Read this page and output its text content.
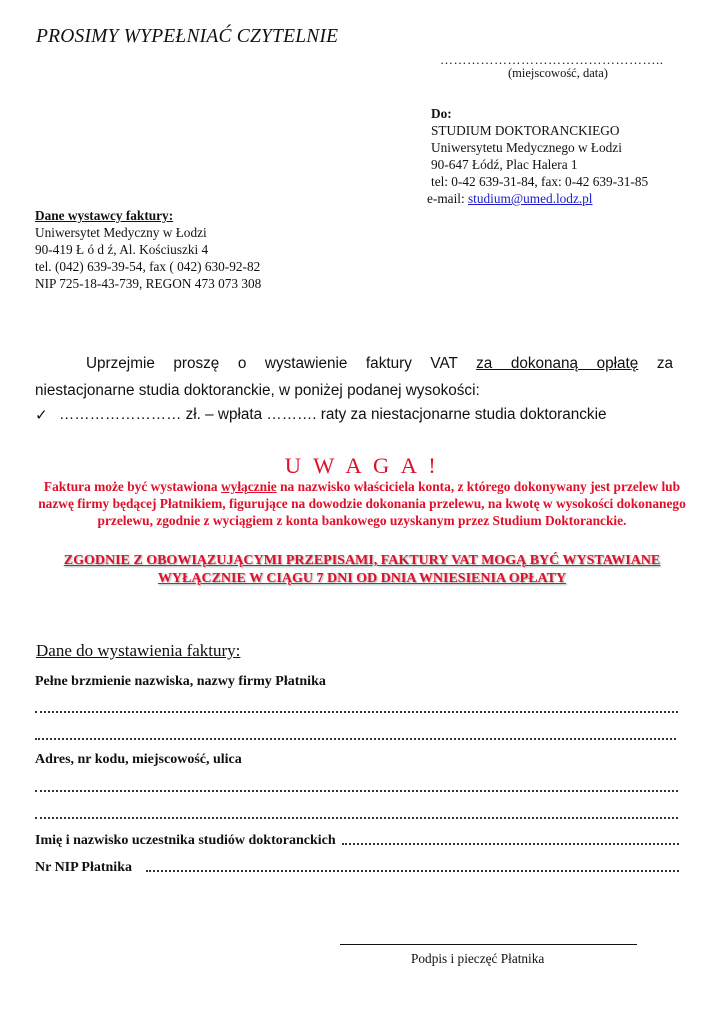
PROSIMY WYPEŁNIAĆ CZYTELNIE
…………………………………………..
(miejscowość, data)
Do:
STUDIUM DOKTORANCKIEGO
Uniwersytetu Medycznego w Łodzi
90-647 Łódź, Plac Halera 1
tel: 0-42 639-31-84, fax: 0-42 639-31-85
e-mail: studium@umed.lodz.pl
Dane wystawcy faktury:
Uniwersytet Medyczny w Łodzi
90-419 Ł ó d ź, Al. Kościuszki 4
tel. (042) 639-39-54, fax ( 042) 630-92-82
NIP 725-18-43-739, REGON 473 073 308

Uprzejmie proszę o wystawienie faktury VAT za dokonaną opłatę za

niestacjonarne studia doktoranckie, w poniżej podanej wysokości:

✓ …………………… zł. – wpłata ………. raty za niestacjonarne studia doktoranckie
U W A G A !
Faktura może być wystawiona wyłącznie na nazwisko właściciela konta, z którego dokonywany jest przelew lub nazwę firmy będącej Płatnikiem, figurujące na dowodzie dokonania przelewu, na kwotę w wysokości dokonanego przelewu, zgodnie z wyciągiem z konta bankowego uzyskanym przez Studium Doktoranckie.
ZGODNIE Z OBOWIĄZUJĄCYMI PRZEPISAMI, FAKTURY VAT MOGĄ BYĆ WYSTAWIANE
WYŁĄCZNIE W CIĄGU 7 DNI OD DNIA WNIESIENIA OPŁATY
Dane do wystawienia faktury:
Pełne brzmienie nazwiska, nazwy firmy Płatnika
Adres, nr kodu, miejscowość, ulica
Imię i nazwisko uczestnika studiów doktoranckich
Nr NIP Płatnika
Podpis i pieczęć Płatnika
